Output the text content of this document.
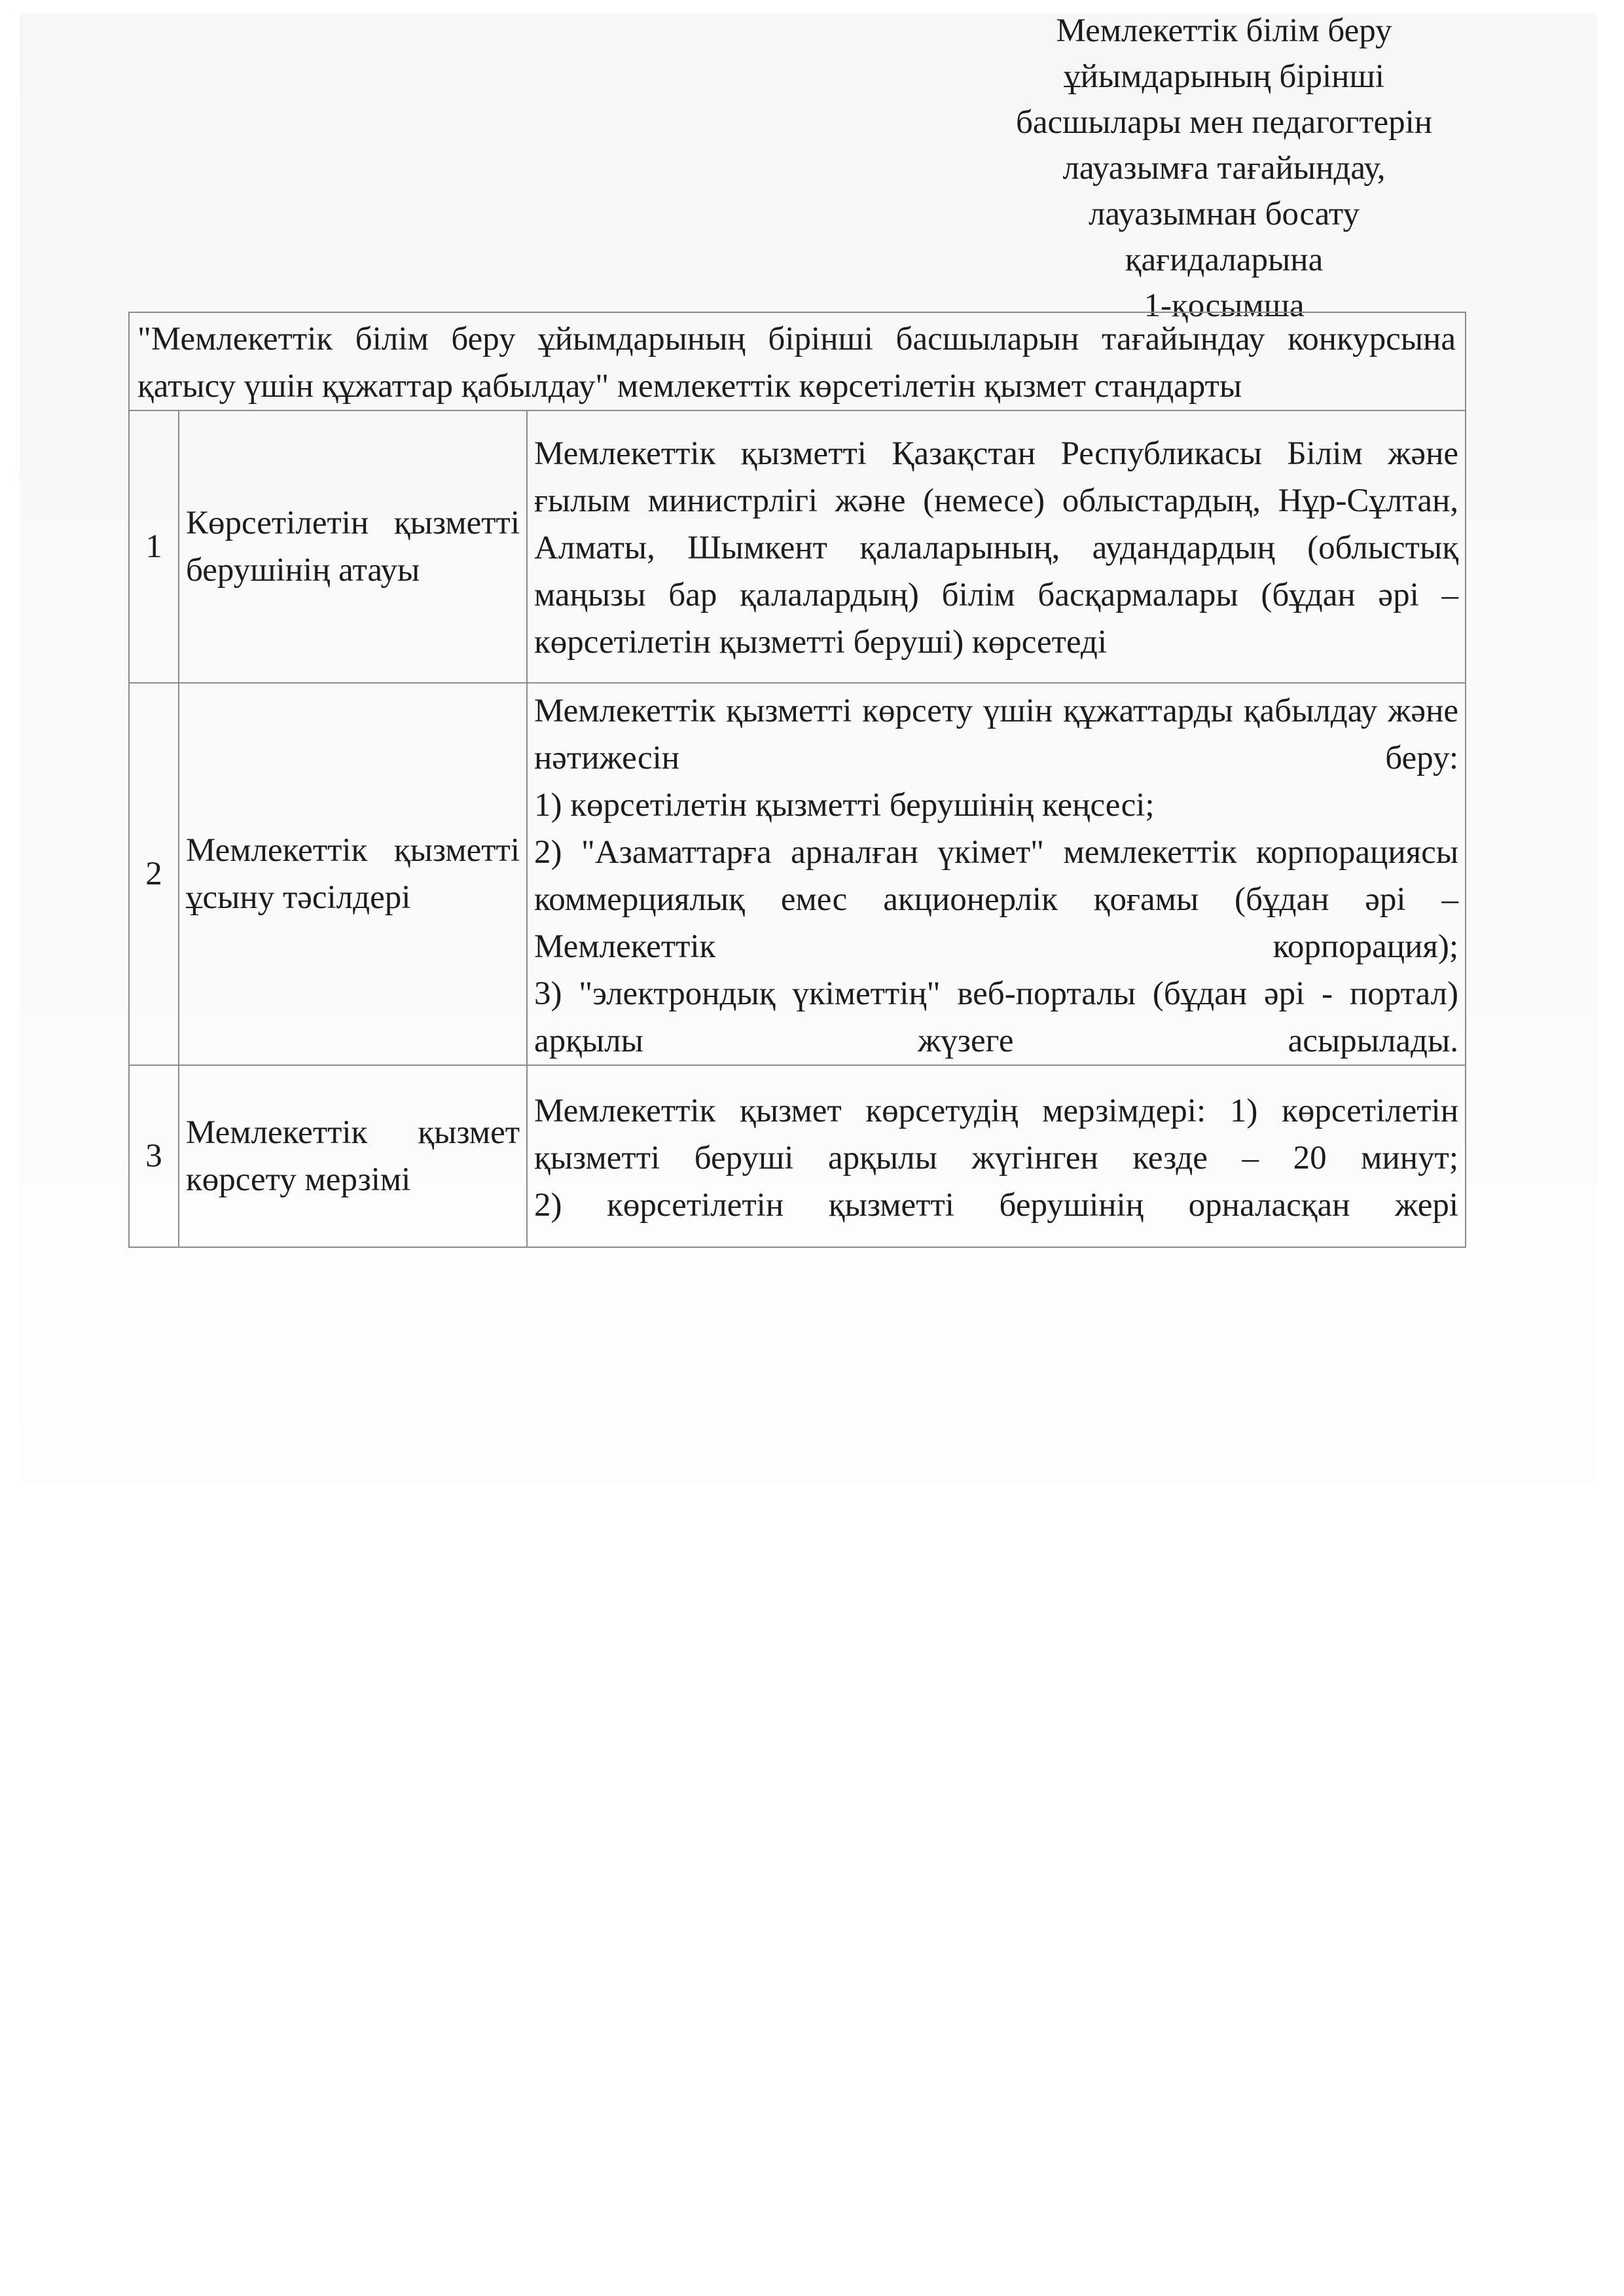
Мемлекеттік білім беру
ұйымдарының бірінші
басшылары мен педагогтерін
лауазымға тағайындау,
лауазымнан босату
қағидаларына
1-қосымша
"Мемлекеттік білім беру ұйымдарының бірінші басшыларын тағайындау конкурсына қатысу үшін құжаттар қабылдау" мемлекеттік көрсетілетін қызмет стандарты		
1	Көрсетілетін қызметті берушінің атауы	Мемлекеттік қызметті Қазақстан Республикасы Білім және ғылым министрлігі және (немесе) облыстардың, Нұр-Сұлтан, Алматы, Шымкент қалаларының, аудандардың (облыстық маңызы бар қалалардың) білім басқармалары (бұдан әрі – көрсетілетін қызметті беруші) көрсетеді
2	Мемлекеттік қызметті ұсыну тәсілдері	Мемлекеттік қызметті көрсету үшін құжаттарды қабылдау және нәтижесін беру:
1) көрсетілетін қызметті берушінің кеңсесі;
2) "Азаматтарға арналған үкімет" мемлекеттік корпорациясы коммерциялық емес акционерлік қоғамы (бұдан әрі – Мемлекеттік корпорация);
3) "электрондық үкіметтің" веб-порталы (бұдан әрі - портал) арқылы жүзеге асырылады.

3	Мемлекеттік қызмет көрсету мерзімі	Мемлекеттік қызмет көрсетудің мерзімдері: 1) көрсетілетін қызметті беруші арқылы жүгінген кезде – 20 минут;
2) көрсетілетін қызметті берушінің орналасқан жері
